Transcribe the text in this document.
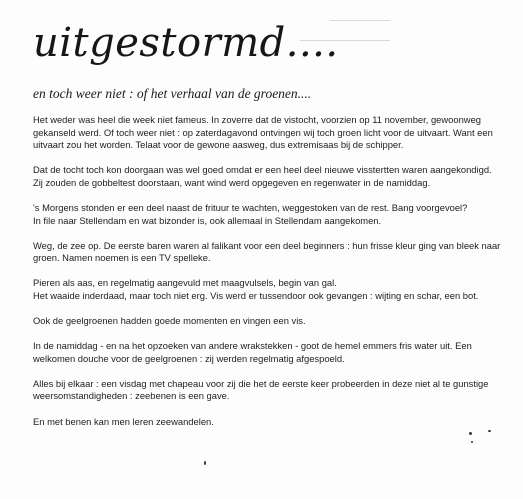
uitgestormd....
en toch weer niet : of het verhaal van de groenen....

Het weder was heel die week niet fameus. In zoverre dat de vistocht, voorzien op 11 november, gewoonweg
gekanseld werd. Of toch weer niet : op zaterdagavond ontvingen wij toch groen licht voor de uitvaart. Want een
uitvaart zou het worden. Telaat voor de gewone aasweg, dus extremisaas bij de schipper.

Dat de tocht toch kon doorgaan was wel goed omdat er een heel deel nieuwe visstertten waren aangekondigd.
Zij zouden de gobbeltest doorstaan, want wind werd opgegeven en regenwater in de namiddag.

's Morgens stonden er een deel naast de frituur te wachten, weggestoken van de rest. Bang voorgevoel?
In file naar Stellendam en wat bizonder is, ook allemaal in Stellendam aangekomen.

Weg, de zee op. De eerste baren waren al falikant voor een deel beginners : hun frisse kleur ging van bleek naar
groen. Namen noemen is een TV spelleke.

Pieren als aas, en regelmatig aangevuld met maagvulsels, begin van gal.
Het waaide inderdaad, maar toch niet erg. Vis werd er tussendoor ook gevangen : wijting en schar, een bot.

Ook de geelgroenen hadden goede momenten en vingen een vis.

In de namiddag - en na het opzoeken van andere wrakstekken - goot de hemel emmers fris water uit. Een
welkomen douche voor de geelgroenen : zij werden regelmatig afgespoeld.

Alles bij elkaar : een visdag met chapeau voor zij die het de eerste keer probeerden in deze niet al te gunstige
weersomstandigheden : zeebenen is een gave.

En met benen kan men leren zeewandelen.
